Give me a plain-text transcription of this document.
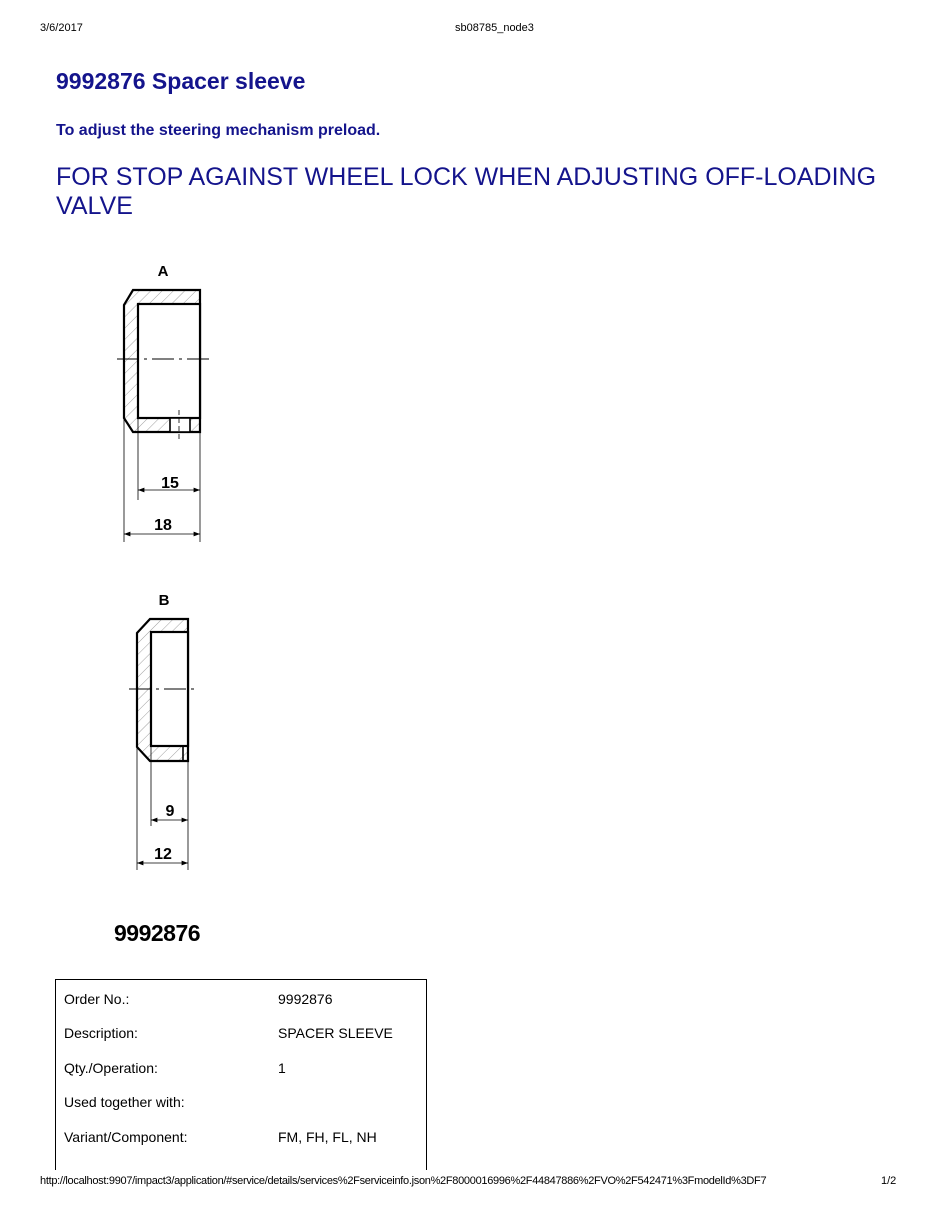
3/6/2017	sb08785_node3
9992876 Spacer sleeve
To adjust the steering mechanism preload.
FOR STOP AGAINST WHEEL LOCK WHEN ADJUSTING OFF-LOADING VALVE
A
15
18
B
9
12
9992876
Order No.:	9992876
Description:	SPACER SLEEVE
Qty./Operation:	1
Used together with:
Variant/Component:	FM, FH, FL, NH
http://localhost:9907/impact3/application/#service/details/services%2Fserviceinfo.json%2F8000016996%2F44847886%2FVO%2F542471%3FmodelId%3DF7	1/2
